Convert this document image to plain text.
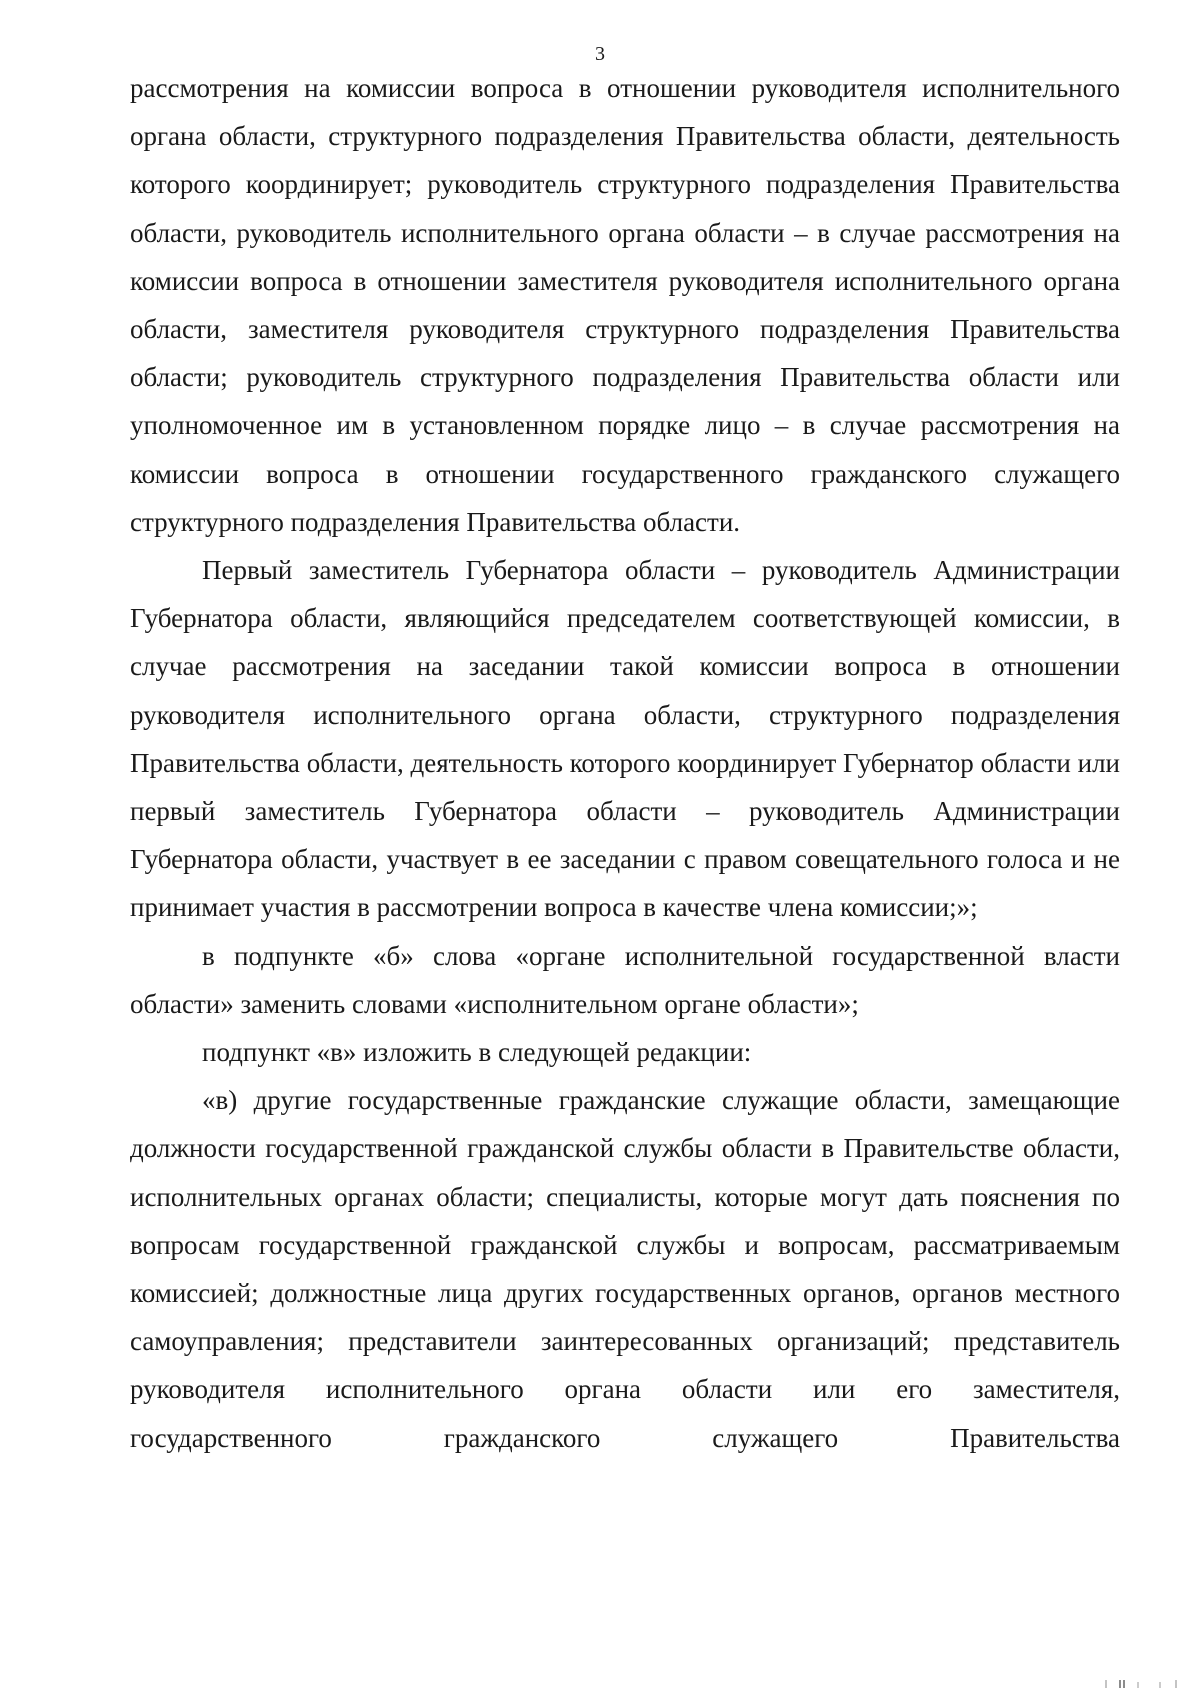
3

рассмотрения на комиссии вопроса в отношении руководителя исполнительного органа области, структурного подразделения Правительства области, деятельность которого координирует; руководитель структурного подразделения Правительства области, руководитель исполнительного органа области – в случае рассмотрения на комиссии вопроса в отношении заместителя руководителя исполнительного органа области, заместителя руководителя структурного подразделения Правительства области; руководитель структурного подразделения Правительства области или уполномоченное им в установленном порядке лицо – в случае рассмотрения на комиссии вопроса в отношении государственного гражданского служащего структурного подразделения Правительства области.

Первый заместитель Губернатора области – руководитель Администрации Губернатора области, являющийся председателем соответствующей комиссии, в случае рассмотрения на заседании такой комиссии вопроса в отношении руководителя исполнительного органа области, структурного подразделения Правительства области, деятельность которого координирует Губернатор области или первый заместитель Губернатора области – руководитель Администрации Губернатора области, участвует в ее заседании с правом совещательного голоса и не принимает участия в рассмотрении вопроса в качестве члена комиссии;»;

в подпункте «б» слова «органе исполнительной государственной власти области» заменить словами «исполнительном органе области»;

подпункт «в» изложить в следующей редакции:

«в) другие государственные гражданские служащие области, замещающие должности государственной гражданской службы области в Правительстве области, исполнительных органах области; специалисты, которые могут дать пояснения по вопросам государственной гражданской службы и вопросам, рассматриваемым комиссией; должностные лица других государственных органов, органов местного самоуправления; представители заинтересованных организаций; представитель руководителя исполнительного органа области или его заместителя, государственного гражданского служащего Правительства
